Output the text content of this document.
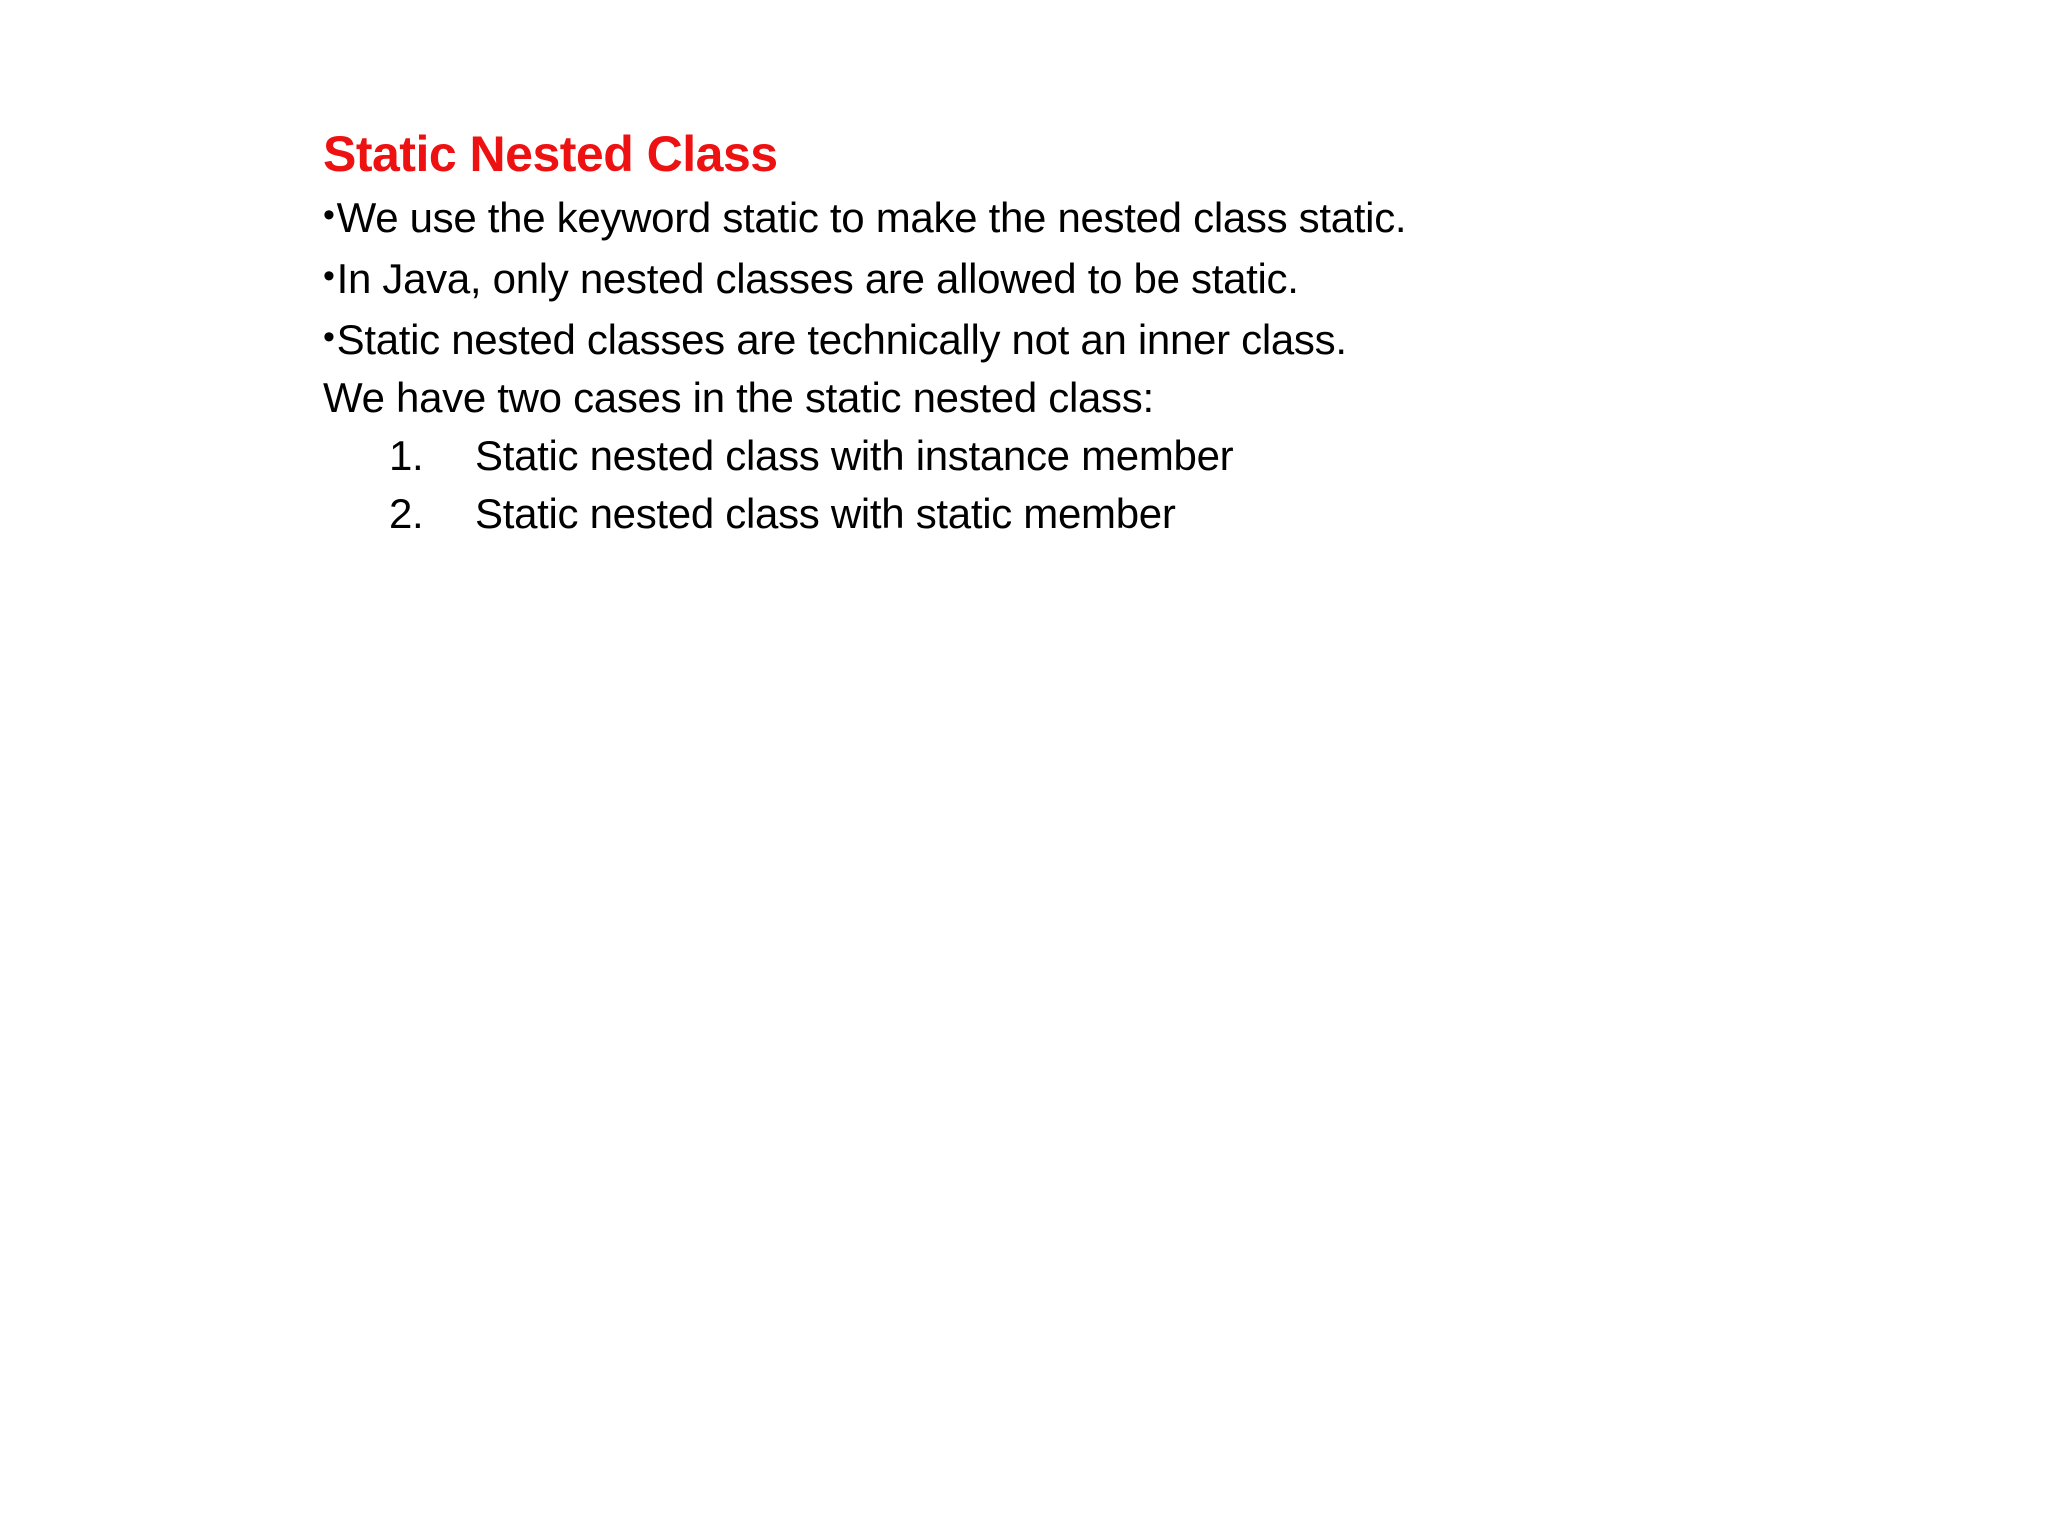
Static Nested Class
•We use the keyword static to make the nested class static.
•In Java, only nested classes are allowed to be static.
•Static nested classes are technically not an inner class.
We have two cases in the static nested class:
1. Static nested class with instance member
2. Static nested class with static member
